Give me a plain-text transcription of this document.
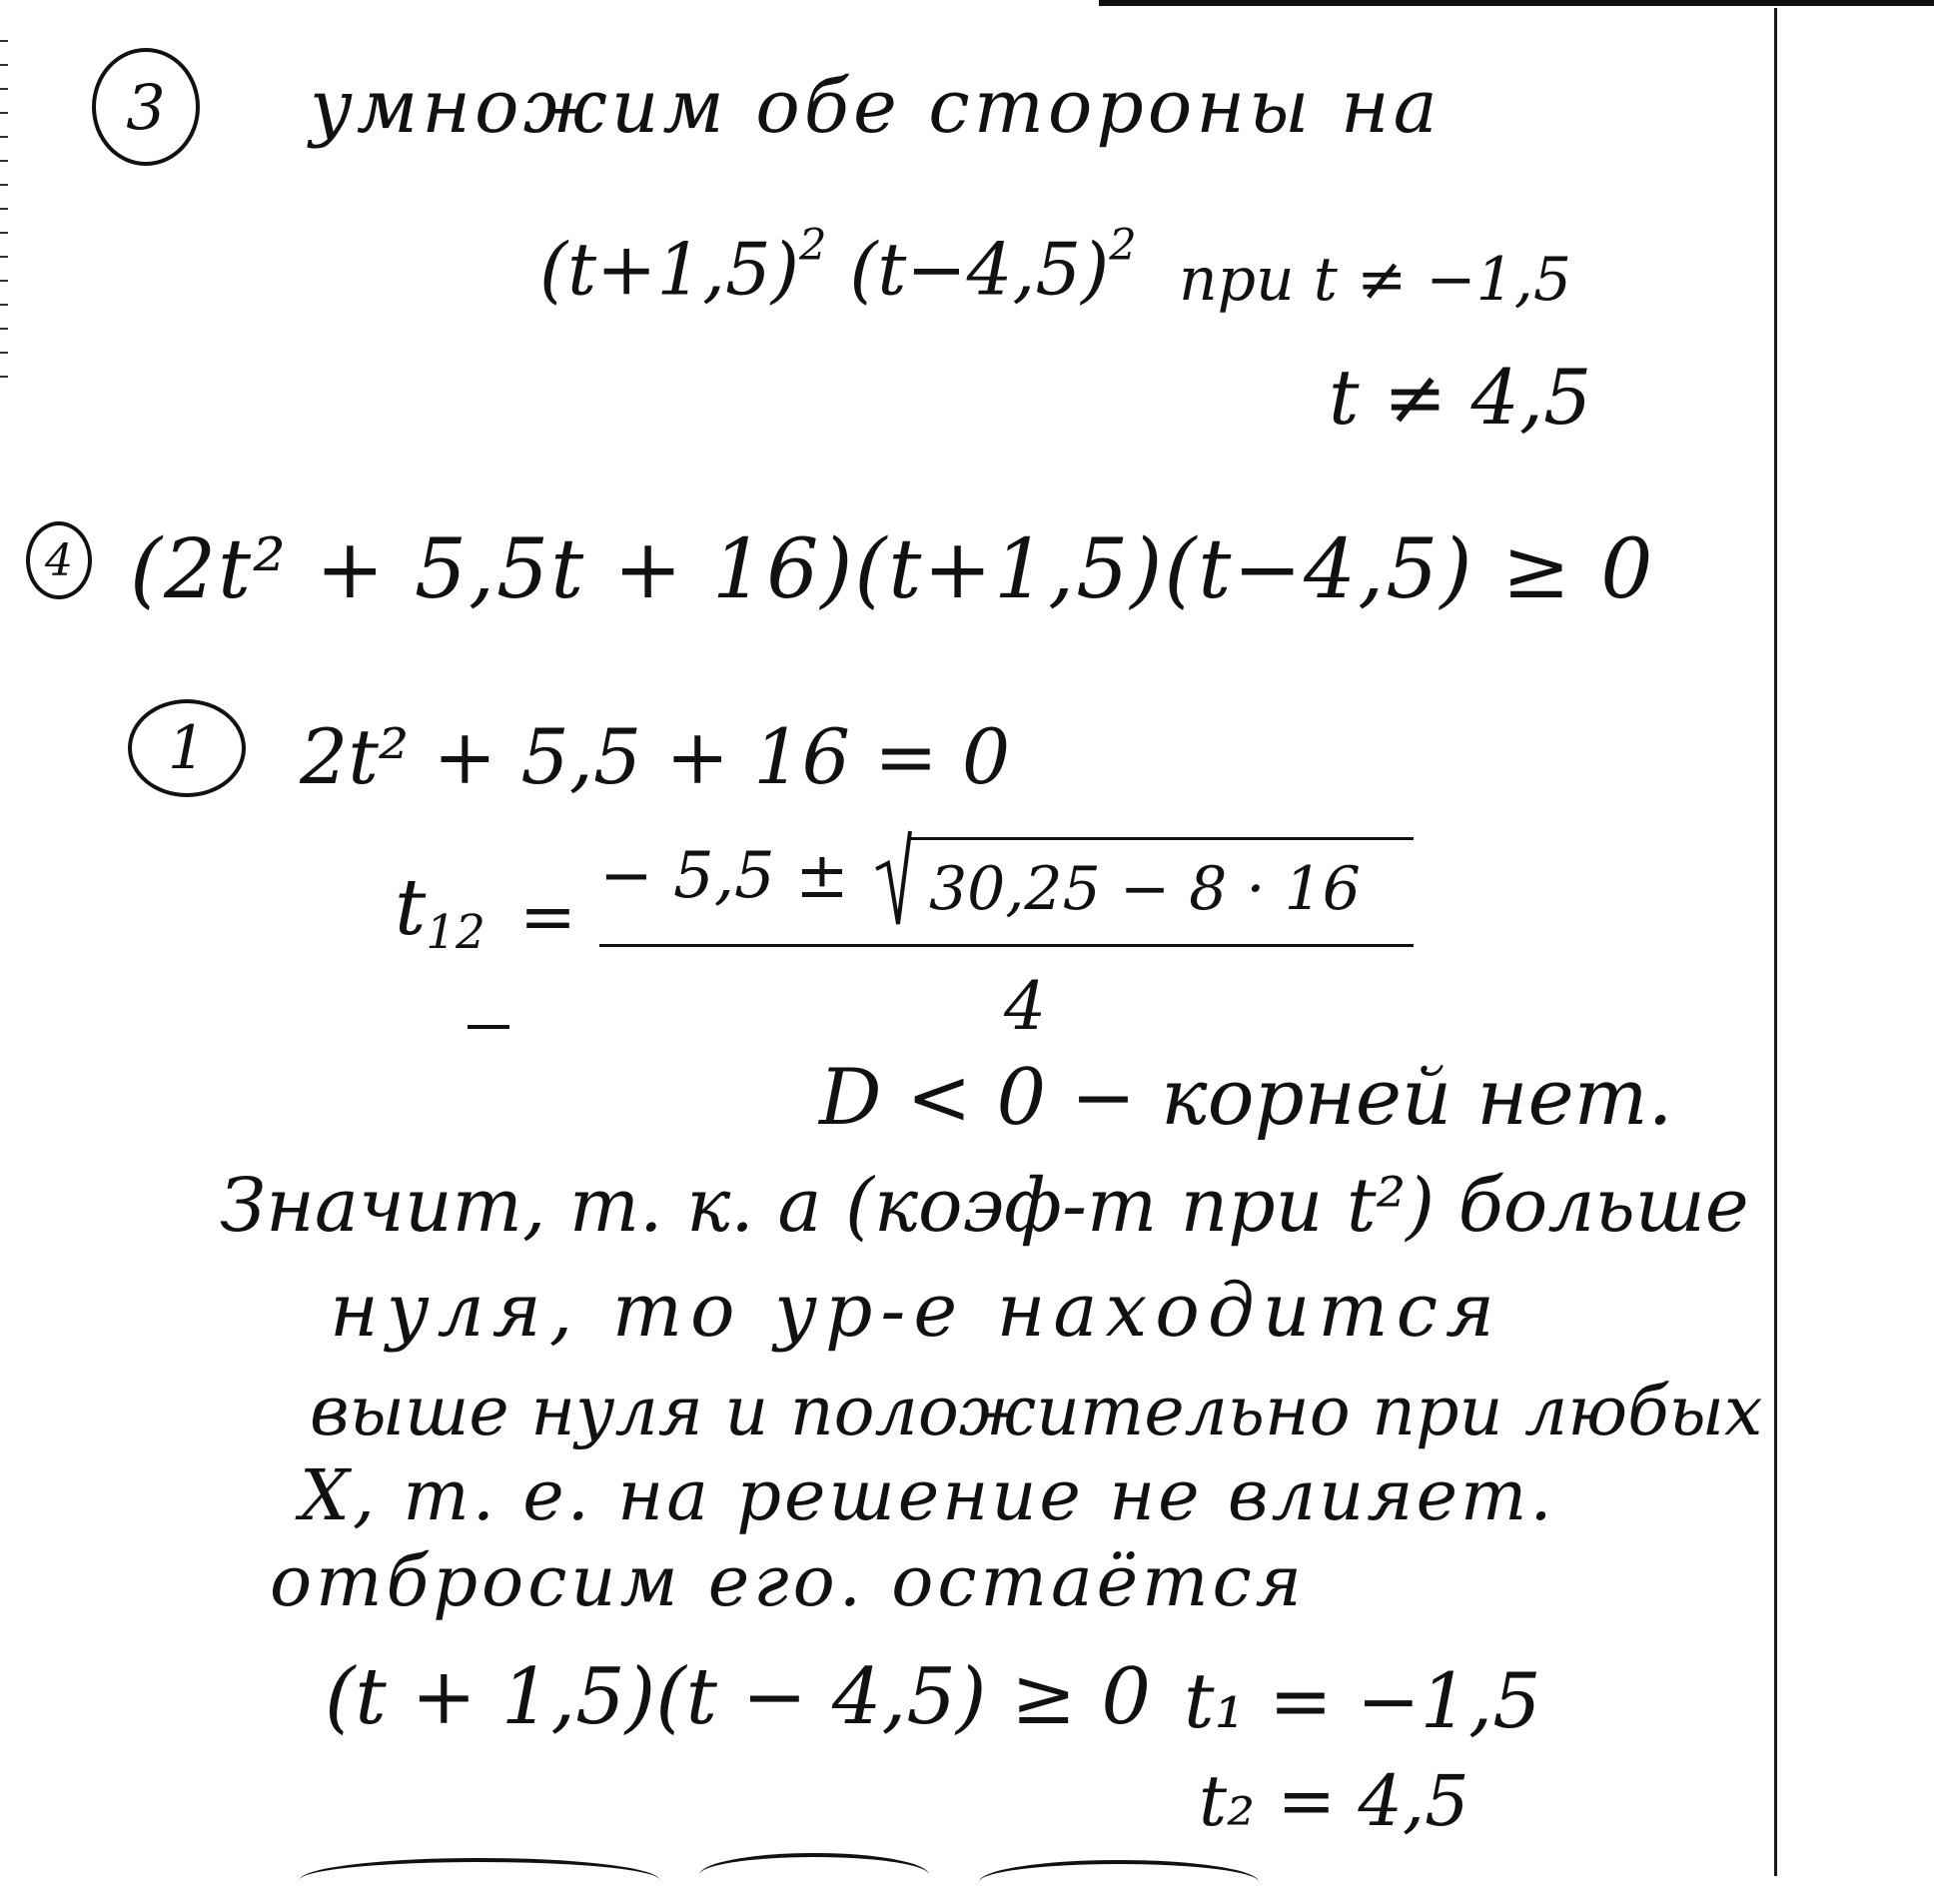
3 умножим обе стороны на
$(t+1,5)^2$ $(t-4,5)^2$ при t ≠ −1,5
t ≠ 4,5
4 (2t² + 5,5t + 16)(t+1,5)(t−4,5) ≥ 0
1 2t² + 5,5 + 16 = 0
$t_{12}$ =
− 5,5 ± 30,25 − 8 · 16
4
D < 0 − корней нет.
Значит, т. к. a (коэф-т при t²) больше
нуля, то ур-е находится
выше нуля и положительно при любых
X, т. е. на решение не влияет.
отбросим его. остаётся
(t + 1,5)(t − 4,5) ≥ 0 t₁ = −1,5
t₂ = 4,5
